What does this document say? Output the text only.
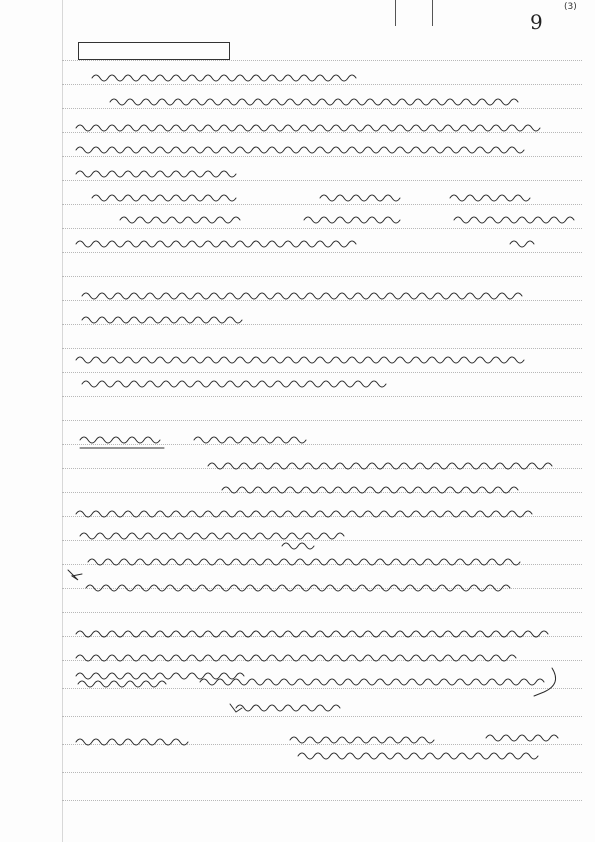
9
(3)
